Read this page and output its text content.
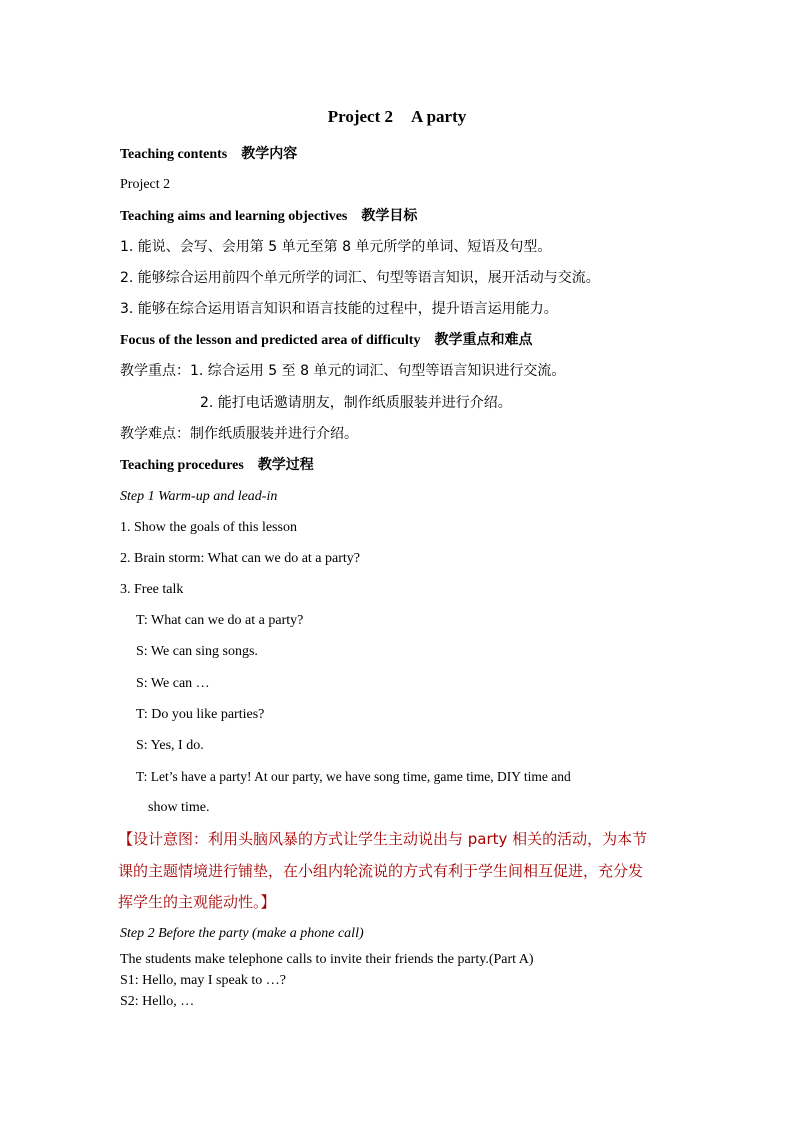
Project 2 A party
Teaching contents 教学内容
Project 2
Teaching aims and learning objectives 教学目标
1. 能说、会写、会用第 5 单元至第 8 单元所学的单词、短语及句型。
2. 能够综合运用前四个单元所学的词汇、句型等语言知识，展开活动与交流。
3. 能够在综合运用语言知识和语言技能的过程中，提升语言运用能力。
Focus of the lesson and predicted area of difficulty 教学重点和难点
教学重点：1. 综合运用 5 至 8 单元的词汇、句型等语言知识进行交流。
2. 能打电话邀请朋友，制作纸质服装并进行介绍。
教学难点：制作纸质服装并进行介绍。
Teaching procedures 教学过程
Step 1 Warm-up and lead-in
1. Show the goals of this lesson
2. Brain storm: What can we do at a party?
3. Free talk
T: What can we do at a party?
S: We can sing songs.
S: We can …
T: Do you like parties?
S: Yes, I do.
T: Let’s have a party! At our party, we have song time, game time, DIY time and
show time.
【设计意图：利用头脑风暴的方式让学生主动说出与 party 相关的活动，为本节
课的主题情境进行铺垫，在小组内轮流说的方式有利于学生间相互促进，充分发
挥学生的主观能动性。】
Step 2 Before the party (make a phone call)
The students make telephone calls to invite their friends the party.(Part A)
S1: Hello, may I speak to …?
S2: Hello, …
